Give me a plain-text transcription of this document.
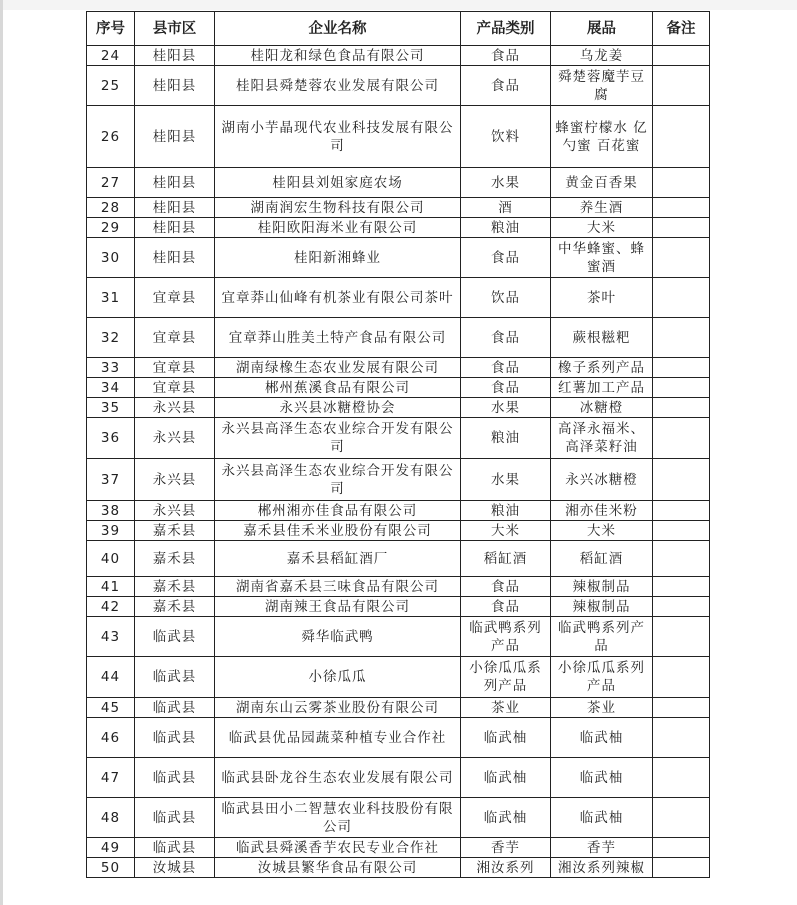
序号	县市区	企业名称	产品类别	展品	备注
24	桂阳县	桂阳龙和绿色食品有限公司	食品	乌龙姜	
25	桂阳县	桂阳县舜楚蓉农业发展有限公司	食品	舜楚蓉魔芋豆腐	
26	桂阳县	湖南小芋晶现代农业科技发展有限公司	饮料	蜂蜜柠檬水 亿勺蜜 百花蜜	
27	桂阳县	桂阳县刘姐家庭农场	水果	黄金百香果	
28	桂阳县	湖南润宏生物科技有限公司	酒	养生酒	
29	桂阳县	桂阳欧阳海米业有限公司	粮油	大米	
30	桂阳县	桂阳新湘蜂业	食品	中华蜂蜜、蜂蜜酒	
31	宜章县	宜章莽山仙峰有机茶业有限公司茶叶	饮品	茶叶	
32	宜章县	宜章莽山胜美土特产食品有限公司	食品	蕨根糍粑	
33	宜章县	湖南绿橡生态农业发展有限公司	食品	橡子系列产品	
34	宜章县	郴州蕉溪食品有限公司	食品	红薯加工产品	
35	永兴县	永兴县冰糖橙协会	水果	冰糖橙	
36	永兴县	永兴县高泽生态农业综合开发有限公司	粮油	高泽永福米、高泽菜籽油	
37	永兴县	永兴县高泽生态农业综合开发有限公司	水果	永兴冰糖橙	
38	永兴县	郴州湘亦佳食品有限公司	粮油	湘亦佳米粉	
39	嘉禾县	嘉禾县佳禾米业股份有限公司	大米	大米	
40	嘉禾县	嘉禾县稻缸酒厂	稻缸酒	稻缸酒	
41	嘉禾县	湖南省嘉禾县三味食品有限公司	食品	辣椒制品	
42	嘉禾县	湖南辣王食品有限公司	食品	辣椒制品	
43	临武县	舜华临武鸭	临武鸭系列产品	临武鸭系列产品	
44	临武县	小徐瓜瓜	小徐瓜瓜系列产品	小徐瓜瓜系列产品	
45	临武县	湖南东山云雾茶业股份有限公司	茶业	茶业	
46	临武县	临武县优品园蔬菜种植专业合作社	临武柚	临武柚	
47	临武县	临武县卧龙谷生态农业发展有限公司	临武柚	临武柚	
48	临武县	临武县田小二智慧农业科技股份有限公司	临武柚	临武柚	
49	临武县	临武县舜溪香芋农民专业合作社	香芋	香芋	
50	汝城县	汝城县繁华食品有限公司	湘汝系列	湘汝系列辣椒	
